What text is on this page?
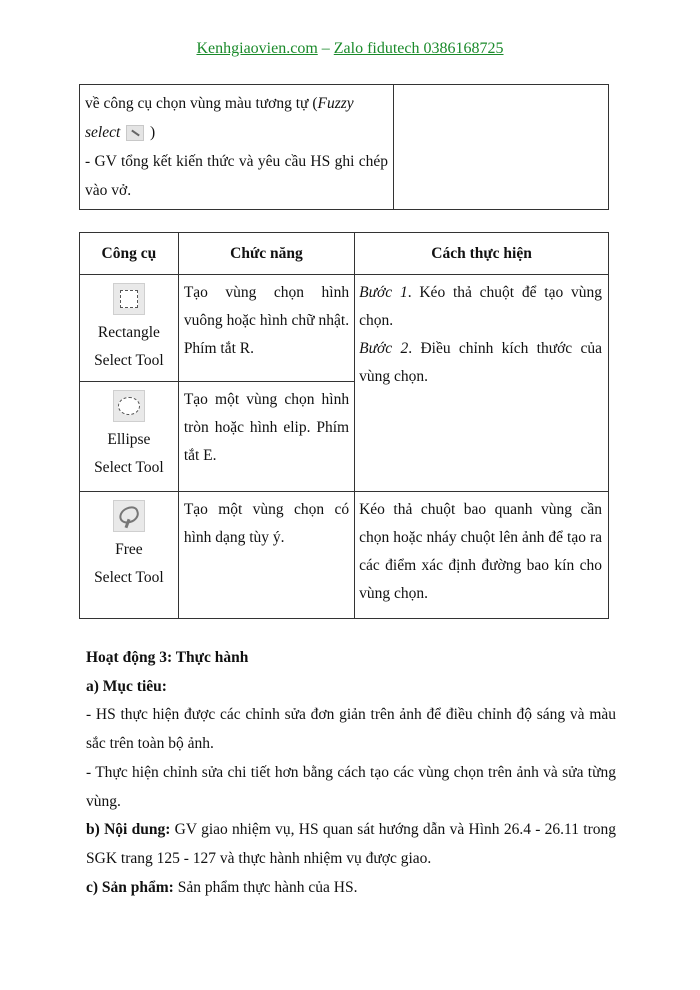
Kenhgiaovien.com – Zalo fidutech 0386168725
về công cụ chọn vùng màu tương tự (Fuzzy
select )
- GV tổng kết kiến thức và yêu cầu HS ghi chép vào vở.	
Công cụ	Chức năng	Cách thực hiện

Rectangle
Select Tool	Tạo vùng chọn hình vuông hoặc hình chữ nhật. Phím tắt R.	Bước 1. Kéo thả chuột để tạo vùng chọn.
Bước 2. Điều chỉnh kích thước của vùng chọn.

Ellipse
Select Tool	Tạo một vùng chọn hình tròn hoặc hình elip. Phím tắt E.	

Free
Select Tool	Tạo một vùng chọn có hình dạng tùy ý.	Kéo thả chuột bao quanh vùng cần chọn hoặc nháy chuột lên ảnh để tạo ra các điểm xác định đường bao kín cho vùng chọn.

Hoạt động 3: Thực hành

a) Mục tiêu:

- HS thực hiện được các chỉnh sửa đơn giản trên ảnh để điều chỉnh độ sáng và màu sắc trên toàn bộ ảnh.

- Thực hiện chỉnh sửa chi tiết hơn bằng cách tạo các vùng chọn trên ảnh và sửa từng vùng.

b) Nội dung: GV giao nhiệm vụ, HS quan sát hướng dẫn và Hình 26.4 - 26.11 trong SGK trang 125 - 127 và thực hành nhiệm vụ được giao.

c) Sản phẩm: Sản phẩm thực hành của HS.
